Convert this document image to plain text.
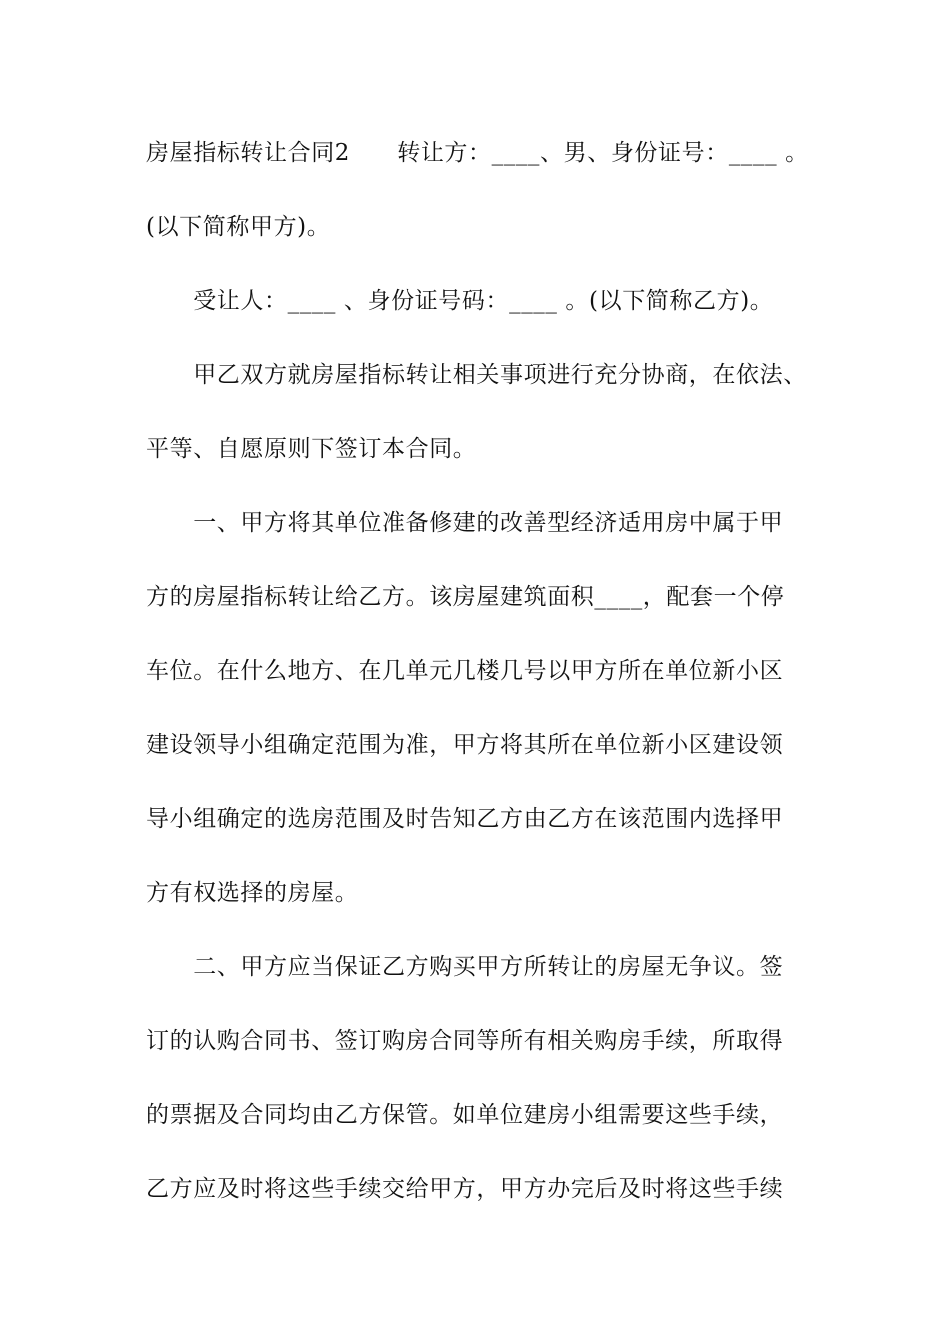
房屋指标转让合同2　　转让方：____、男、身份证号：____ 。
(以下简称甲方)。
　　受让人：____ 、身份证号码：____ 。(以下简称乙方)。
　　甲乙双方就房屋指标转让相关事项进行充分协商，在依法、
平等、自愿原则下签订本合同。
　　一、甲方将其单位准备修建的改善型经济适用房中属于甲
方的房屋指标转让给乙方。该房屋建筑面积____，配套一个停
车位。在什么地方、在几单元几楼几号以甲方所在单位新小区
建设领导小组确定范围为准，甲方将其所在单位新小区建设领
导小组确定的选房范围及时告知乙方由乙方在该范围内选择甲
方有权选择的房屋。
　　二、甲方应当保证乙方购买甲方所转让的房屋无争议。签
订的认购合同书、签订购房合同等所有相关购房手续，所取得
的票据及合同均由乙方保管。如单位建房小组需要这些手续，
乙方应及时将这些手续交给甲方，甲方办完后及时将这些手续
